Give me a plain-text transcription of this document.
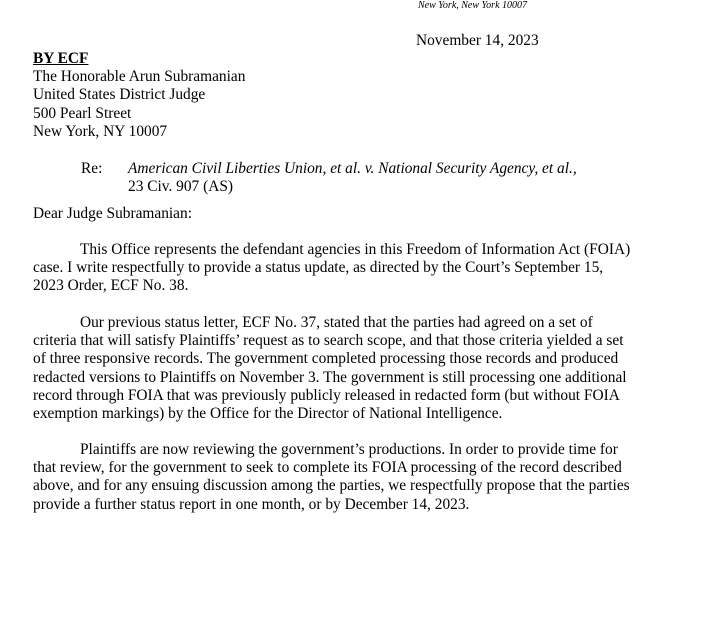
New York, New York 10007
November 14, 2023
BY ECF
The Honorable Arun Subramanian
United States District Judge
500 Pearl Street
New York, NY 10007
Re: American Civil Liberties Union, et al. v. National Security Agency, et al.,
23 Civ. 907 (AS)
Dear Judge Subramanian:
This Office represents the defendant agencies in this Freedom of Information Act (FOIA)
case. I write respectfully to provide a status update, as directed by the Court’s September 15,
2023 Order, ECF No. 38.
Our previous status letter, ECF No. 37, stated that the parties had agreed on a set of
criteria that will satisfy Plaintiffs’ request as to search scope, and that those criteria yielded a set
of three responsive records. The government completed processing those records and produced
redacted versions to Plaintiffs on November 3. The government is still processing one additional
record through FOIA that was previously publicly released in redacted form (but without FOIA
exemption markings) by the Office for the Director of National Intelligence.
Plaintiffs are now reviewing the government’s productions. In order to provide time for
that review, for the government to seek to complete its FOIA processing of the record described
above, and for any ensuing discussion among the parties, we respectfully propose that the parties
provide a further status report in one month, or by December 14, 2023.
